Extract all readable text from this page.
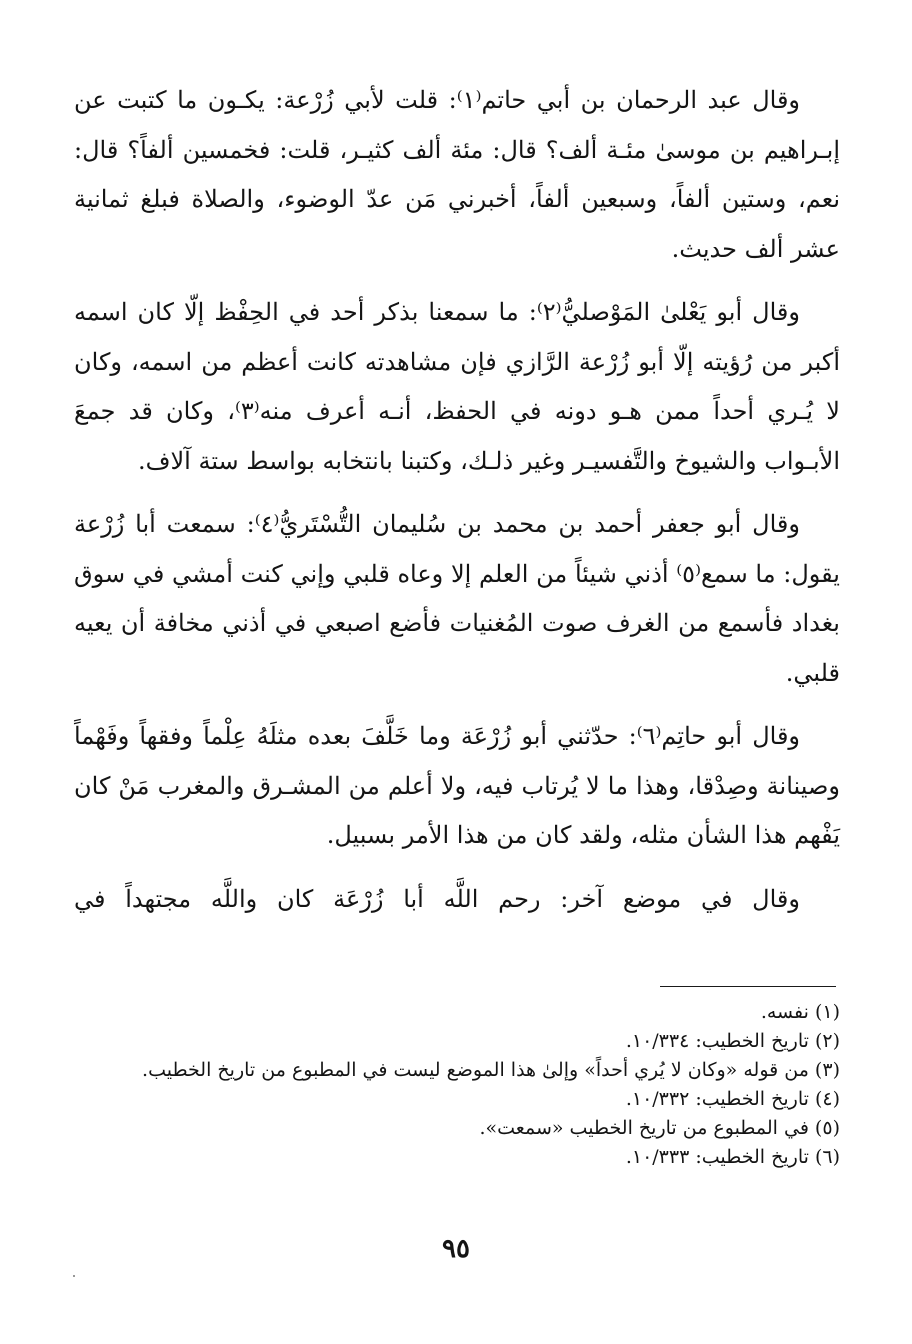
وقال عبد الرحمان بن أبي حاتم⁽١⁾: قلت لأبي زُرْعة: يكـون ما كتبت عن إبـراهيم بن موسىٰ مئـة ألف؟ قال: مئة ألف كثيـر، قلت: فخمسين ألفاً؟ قال: نعم، وستين ألفاً، وسبعين ألفاً، أخبرني مَن عدّ الوضوء، والصلاة فبلغ ثمانية عشر ألف حديث.

وقال أبو يَعْلىٰ المَوْصليُّ⁽٢⁾: ما سمعنا بذكر أحد في الحِفْظ إلّا كان اسمه أكبر من رُؤيته إلّا أبو زُرْعة الرَّازي فإن مشاهدته كانت أعظم من اسمه، وكان لا يُـري أحداً ممن هـو دونه في الحفظ، أنـه أعرف منه⁽٣⁾، وكان قد جمعَ الأبـواب والشيوخ والتَّفسيـر وغير ذلـك، وكتبنا بانتخابه بواسط ستة آلاف.

وقال أبو جعفر أحمد بن محمد بن سُليمان التُّسْتَريُّ⁽٤⁾: سمعت أبا زُرْعة يقول: ما سمع⁽٥⁾ أذني شيئاً من العلم إلا وعاه قلبي وإني كنت أمشي في سوق بغداد فأسمع من الغرف صوت المُغنيات فأضع اصبعي في أذني مخافة أن يعيه قلبي.

وقال أبو حاتِم⁽٦⁾: حدّثني أبو زُرْعَة وما خَلَّفَ بعده مثلَهُ عِلْماً وفقهاً وفَهْماً وصينانة وصِدْقا، وهذا ما لا يُرتاب فيه، ولا أعلم من المشـرق والمغرب مَنْ كان يَفْهم هذا الشأن مثله، ولقد كان من هذا الأمر بسبيل.

وقال في موضع آخر: رحم اللَّه أبا زُرْعَة كان واللَّه مجتهداً في

(١) نفسه.
(٢) تاريخ الخطيب: ١٠/٣٣٤.
(٣) من قوله «وكان لا يُري أحداً» وإلىٰ هذا الموضع ليست في المطبوع من تاريخ الخطيب.
(٤) تاريخ الخطيب: ١٠/٣٣٢.
(٥) في المطبوع من تاريخ الخطيب «سمعت».
(٦) تاريخ الخطيب: ١٠/٣٣٣.
٩٥
